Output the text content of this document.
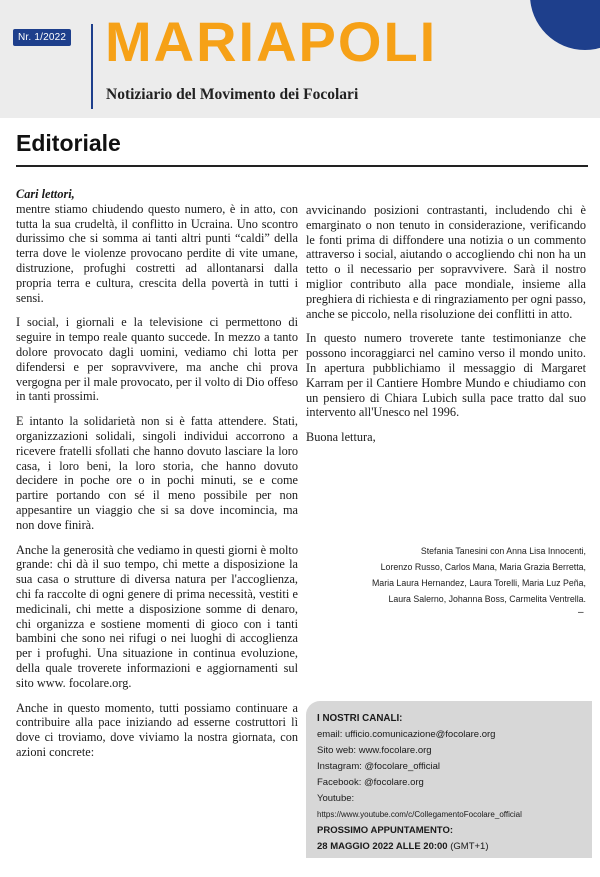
Nr. 1/2022 MARIAPOLI
Notiziario del Movimento dei Focolari
Editoriale
Cari lettori,

mentre stiamo chiudendo questo numero, è in atto, con tutta la sua crudeltà, il conflitto in Ucraina. Uno scontro durissimo che si somma ai tanti altri punti “caldi” della terra dove le violenze provocano perdite di vite umane, distruzione, profughi costretti ad allontanarsi dalla propria terra e cultura, crescita della povertà in tutti i sensi.

I social, i giornali e la televisione ci permettono di seguire in tempo reale quanto succede. In mezzo a tanto dolore provocato dagli uomini, vediamo chi lotta per difendersi e per sopravvivere, ma anche chi prova vergogna per il male provocato, per il volto di Dio offeso in tanti prossimi.

E intanto la solidarietà non si è fatta attendere. Stati, organizzazioni solidali, singoli individui accorrono a ricevere fratelli sfollati che hanno dovuto lasciare la loro casa, i loro beni, la loro storia, che hanno dovuto decidere in poche ore o in pochi minuti, se e come partire portando con sé il meno possibile per non appesantire un viaggio che si sa dove incomincia, ma non dove finirà.

Anche la generosità che vediamo in questi giorni è molto grande: chi dà il suo tempo, chi mette a disposizione la sua casa o strutture di diversa natura per l'accoglienza, chi fa raccolte di ogni genere di prima necessità, vestiti e medicinali, chi mette a disposizione somme di denaro, chi organizza e sostiene momenti di gioco con i tanti bambini che sono nei rifugi o nei luoghi di accoglienza per i profughi. Una situazione in continua evoluzione, della quale troverete informazioni e aggiornamenti sul sito www. focolare.org.

Anche in questo momento, tutti possiamo continuare a contribuire alla pace iniziando ad esserne costruttori lì dove ci troviamo, dove viviamo la nostra giornata, con azioni concrete:

avvicinando posizioni contrastanti, includendo chi è emarginato o non tenuto in considerazione, verificando le fonti prima di diffondere una notizia o un commento attraverso i social, aiutando o accogliendo chi non ha un tetto o il necessario per sopravvivere. Sarà il nostro miglior contributo alla pace mondiale, insieme alla preghiera di richiesta e di ringraziamento per ogni passo, anche se piccolo, nella risoluzione dei conflitti in atto.

In questo numero troverete tante testimonianze che possono incoraggiarci nel camino verso il mondo unito. In apertura pubblichiamo il messaggio di Margaret Karram per il Cantiere Hombre Mundo e chiudiamo con un pensiero di Chiara Lubich sulla pace tratto dal suo intervento all'Unesco nel 1996.

Buona lettura,

Stefania Tanesini con Anna Lisa Innocenti,
Lorenzo Russo, Carlos Mana, Maria Grazia Berretta,
Maria Laura Hernandez, Laura Torelli, Maria Luz Peña,
Laura Salerno, Johanna Boss, Carmelita Ventrella.
–
I NOSTRI CANALI:
email: ufficio.comunicazione@focolare.org
Sito web: www.focolare.org
Instagram: @focolare_official
Facebook: @focolare.org
Youtube:
https://www.youtube.com/c/CollegamentoFocolare_official
PROSSIMO APPUNTAMENTO:
28 MAGGIO 2022 ALLE 20:00 (GMT+1)
